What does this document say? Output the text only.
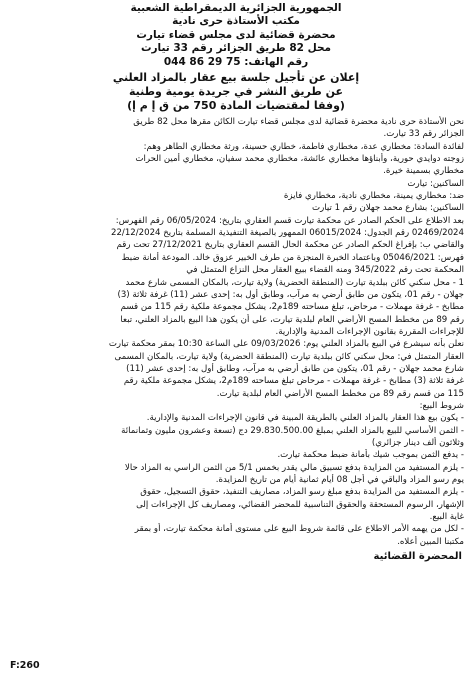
الجمهورية الجزائرية الديمقراطية الشعبية
مكتب الأستاذة حرى نادية
محضرة قضائية لدى مجلس قضاء تيارت
محل 82 طريق الجزائر رقم 33 تيارت
رقم الهاتف: 75 29 86 044
إعلان عن تأجيل جلسة بيع عقار بالمزاد العلني
عن طريق النشر في جريدة يومية وطنية
(وفقا لمقتضيات المادة 750 من ق إ م إ)
نحن الأستاذة حرى نادية محضرة قضائية لدى مجلس قضاء تيارت الكائن مقرها محل 82 طريق
الجزائر رقم 33 تيارت.
لفائدة السادة: مخطاري عدة، مخطاري فاطمة، خطاري حسينة، ورثة مخطاري الطاهر وهم:
زوجته دوايدي حورية، وأبناؤها مخطاري عائشة، مخطاري محمد سفيان، مخطاري أمين الحرات
مخطاري بسمينة خيرة.
الساكنين: تيارت
ضد: مخطاري يمينة، مخطاري نادية، مخطاري فايزة
الساكنين: بشارع محمد جهلان رقم 1 تيارت
بعد الاطلاع على الحكم الصادر عن محكمة تيارت قسم العقاري بتاريخ: 06/05/2024 رقم الفهرس:
02469/2024 رقم الجدول: 06015/2024 الممهور بالصيغة التنفيذية المسلمة بتاريخ 22/12/2024
والقاضي ب: بإفراغ الحكم الصادر عن محكمة الحال القسم العقاري بتاريخ 27/12/2021 تحت رقم
فهرس: 05046/2021 وباعتماد الخبرة المنجزة من طرف الخبير عزوق خالد. المودعة أمانة ضبط
المحكمة تحت رقم 345/2022 ومنه القضاء ببيع العقار محل النزاع المتمثل في
1 - محل سكني كائن ببلدية تيارت (المنطقة الحضرية) ولاية تيارت، بالمكان المسمى شارع محمد
جهلان - رقم 01، يتكون من طابق أرضي به مرآب، وطابق أول به: إحدى عشر (11) غرفة ثلاثة (3)
مطابخ - غرفة مهملات - مرحاض، تبلغ مساحته 189م2، يشكل مجموعة ملكية رقم 115 من قسم
رقم 89 من مخطط المسح الأراضي العام لبلدية تيارت، على أن يكون هذا البيع بالمزاد العلني، تبعا
للإجراءات المقررة بقانون الإجراءات المدنية والإدارية.
نعلن بأنه سيشرع في البيع بالمزاد العلني يوم: 09/03/2026 على الساعة 10:30 بمقر محكمة تيارت
العقار المتمثل في: محل سكني كائن ببلدية تيارت (المنطقة الحضرية) ولاية تيارت، بالمكان المسمى
شارع محمد جهلان - رقم 01، يتكون من طابق أرضي به مرآب، وطابق أول به: إحدى عشر (11)
غرفة ثلاثة (3) مطابخ - غرفة مهملات - مرحاض تبلغ مساحته 189م2، يشكل مجموعة ملكية رقم
115 من قسم رقم 89 من مخطط المسح الأراضي العام لبلدية تيارت.
شروط البيع:
- يكون بيع هذا العقار بالمزاد العلني بالطريقة المبينة في قانون الإجراءات المدنية والإدارية.
- الثمن الأساسي للبيع بالمزاد العلني بمبلغ 29.830.500.00 دج (تسعة وعشرون مليون وثمانمائة
وثلاثون ألف دينار جزائري)
- يدفع الثمن بموجب شيك بأمانة ضبط محكمة تيارت.
- يلزم المستفيد من المزايدة بدفع تسبيق مالي يقدر بخمس 5/1 من الثمن الراسي به المزاد حالا
يوم رسو المزاد والباقي في أجل 08 أيام ثمانية أيام من تاريخ المزايدة.
- يلزم المستفيد من المزايدة بدفع مبلغ رسو المزاد، مصاريف التنفيذ، حقوق التسجيل، حقوق
الإشهار، الرسوم المستحقة والحقوق التناسبية للمحضر القضائي، ومصاريف كل الإجراءات إلى
غاية البيع.
- لكل من يهمه الأمر الاطلاع على قائمة شروط البيع على مستوى أمانة محكمة تيارت، أو بمقر
مكتبنا المبين أعلاه.
المحضرة القضائية
F:260
